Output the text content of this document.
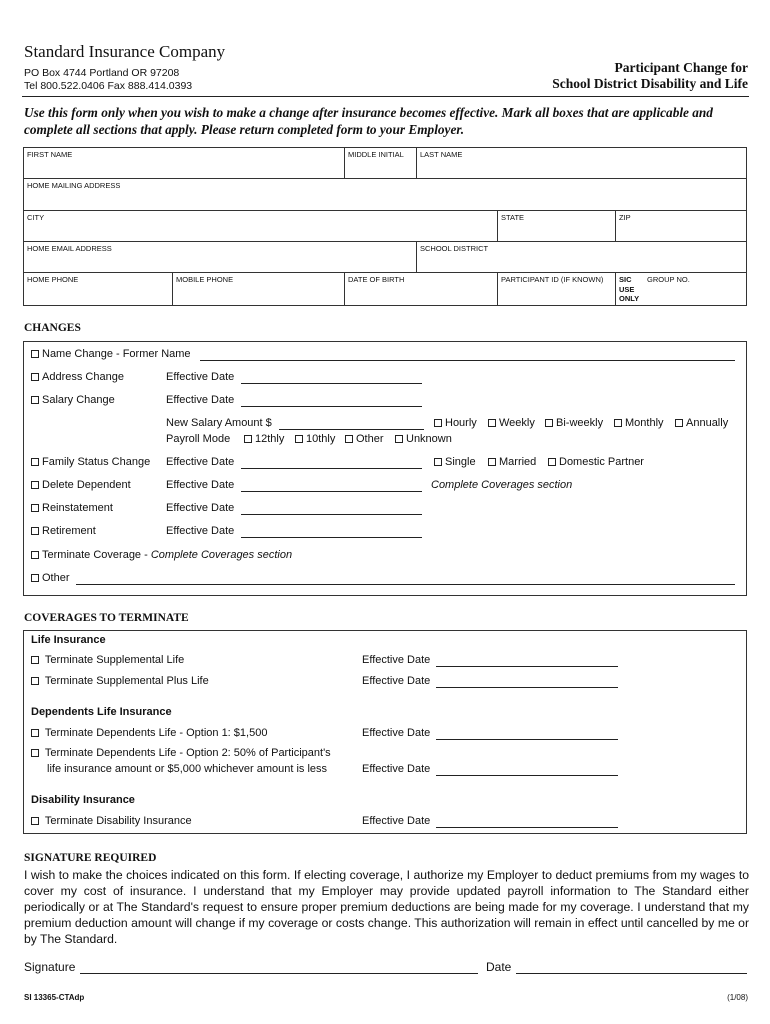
Standard Insurance Company
PO Box 4744 Portland OR 97208
Tel 800.522.0406 Fax 888.414.0393
Participant Change for
School District Disability and Life
Use this form only when you wish to make a change after insurance becomes effective. Mark all boxes that are applicable and complete all sections that apply. Please return completed form to your Employer.
FIRST NAME	MIDDLE INITIAL	LAST NAME
HOME MAILING ADDRESS
CITY	STATE	ZIP
HOME EMAIL ADDRESS	SCHOOL DISTRICT
HOME PHONE	MOBILE PHONE	DATE OF BIRTH	PARTICIPANT ID (IF KNOWN)	SIC
USE
ONLY
GROUP NO.
CHANGES
Name Change - Former Name
Address Change	Effective Date
Salary Change	Effective Date
New Salary Amount $	Hourly	Weekly	Bi-weekly	Monthly	Annually
Payroll Mode	12thly	10thly	Other	Unknown
Family Status Change Effective Date	Single	Married	Domestic Partner
Delete Dependent	Effective Date	Complete Coverages section
Reinstatement	Effective Date
Retirement	Effective Date
Terminate Coverage - Complete Coverages section
Other
COVERAGES TO TERMINATE
Life Insurance
Terminate Supplemental Life	Effective Date
Terminate Supplemental Plus Life	Effective Date
Dependents Life Insurance
Terminate Dependents Life - Option 1: $1,500	Effective Date
Terminate Dependents Life - Option 2: 50% of Participant's
life insurance amount or $5,000 whichever amount is less	Effective Date
Disability Insurance
Terminate Disability Insurance	Effective Date
SIGNATURE REQUIRED
I wish to make the choices indicated on this form. If electing coverage, I authorize my Employer to deduct premiums from my wages to cover my cost of insurance. I understand that my Employer may provide updated payroll information to The Standard either periodically or at The Standard's request to ensure proper premium deductions are being made for my coverage. I understand that my premium deduction amount will change if my coverage or costs change. This authorization will remain in effect until cancelled by me or by The Standard.
Signature	Date
SI 13365-CTAdp	(1/08)
